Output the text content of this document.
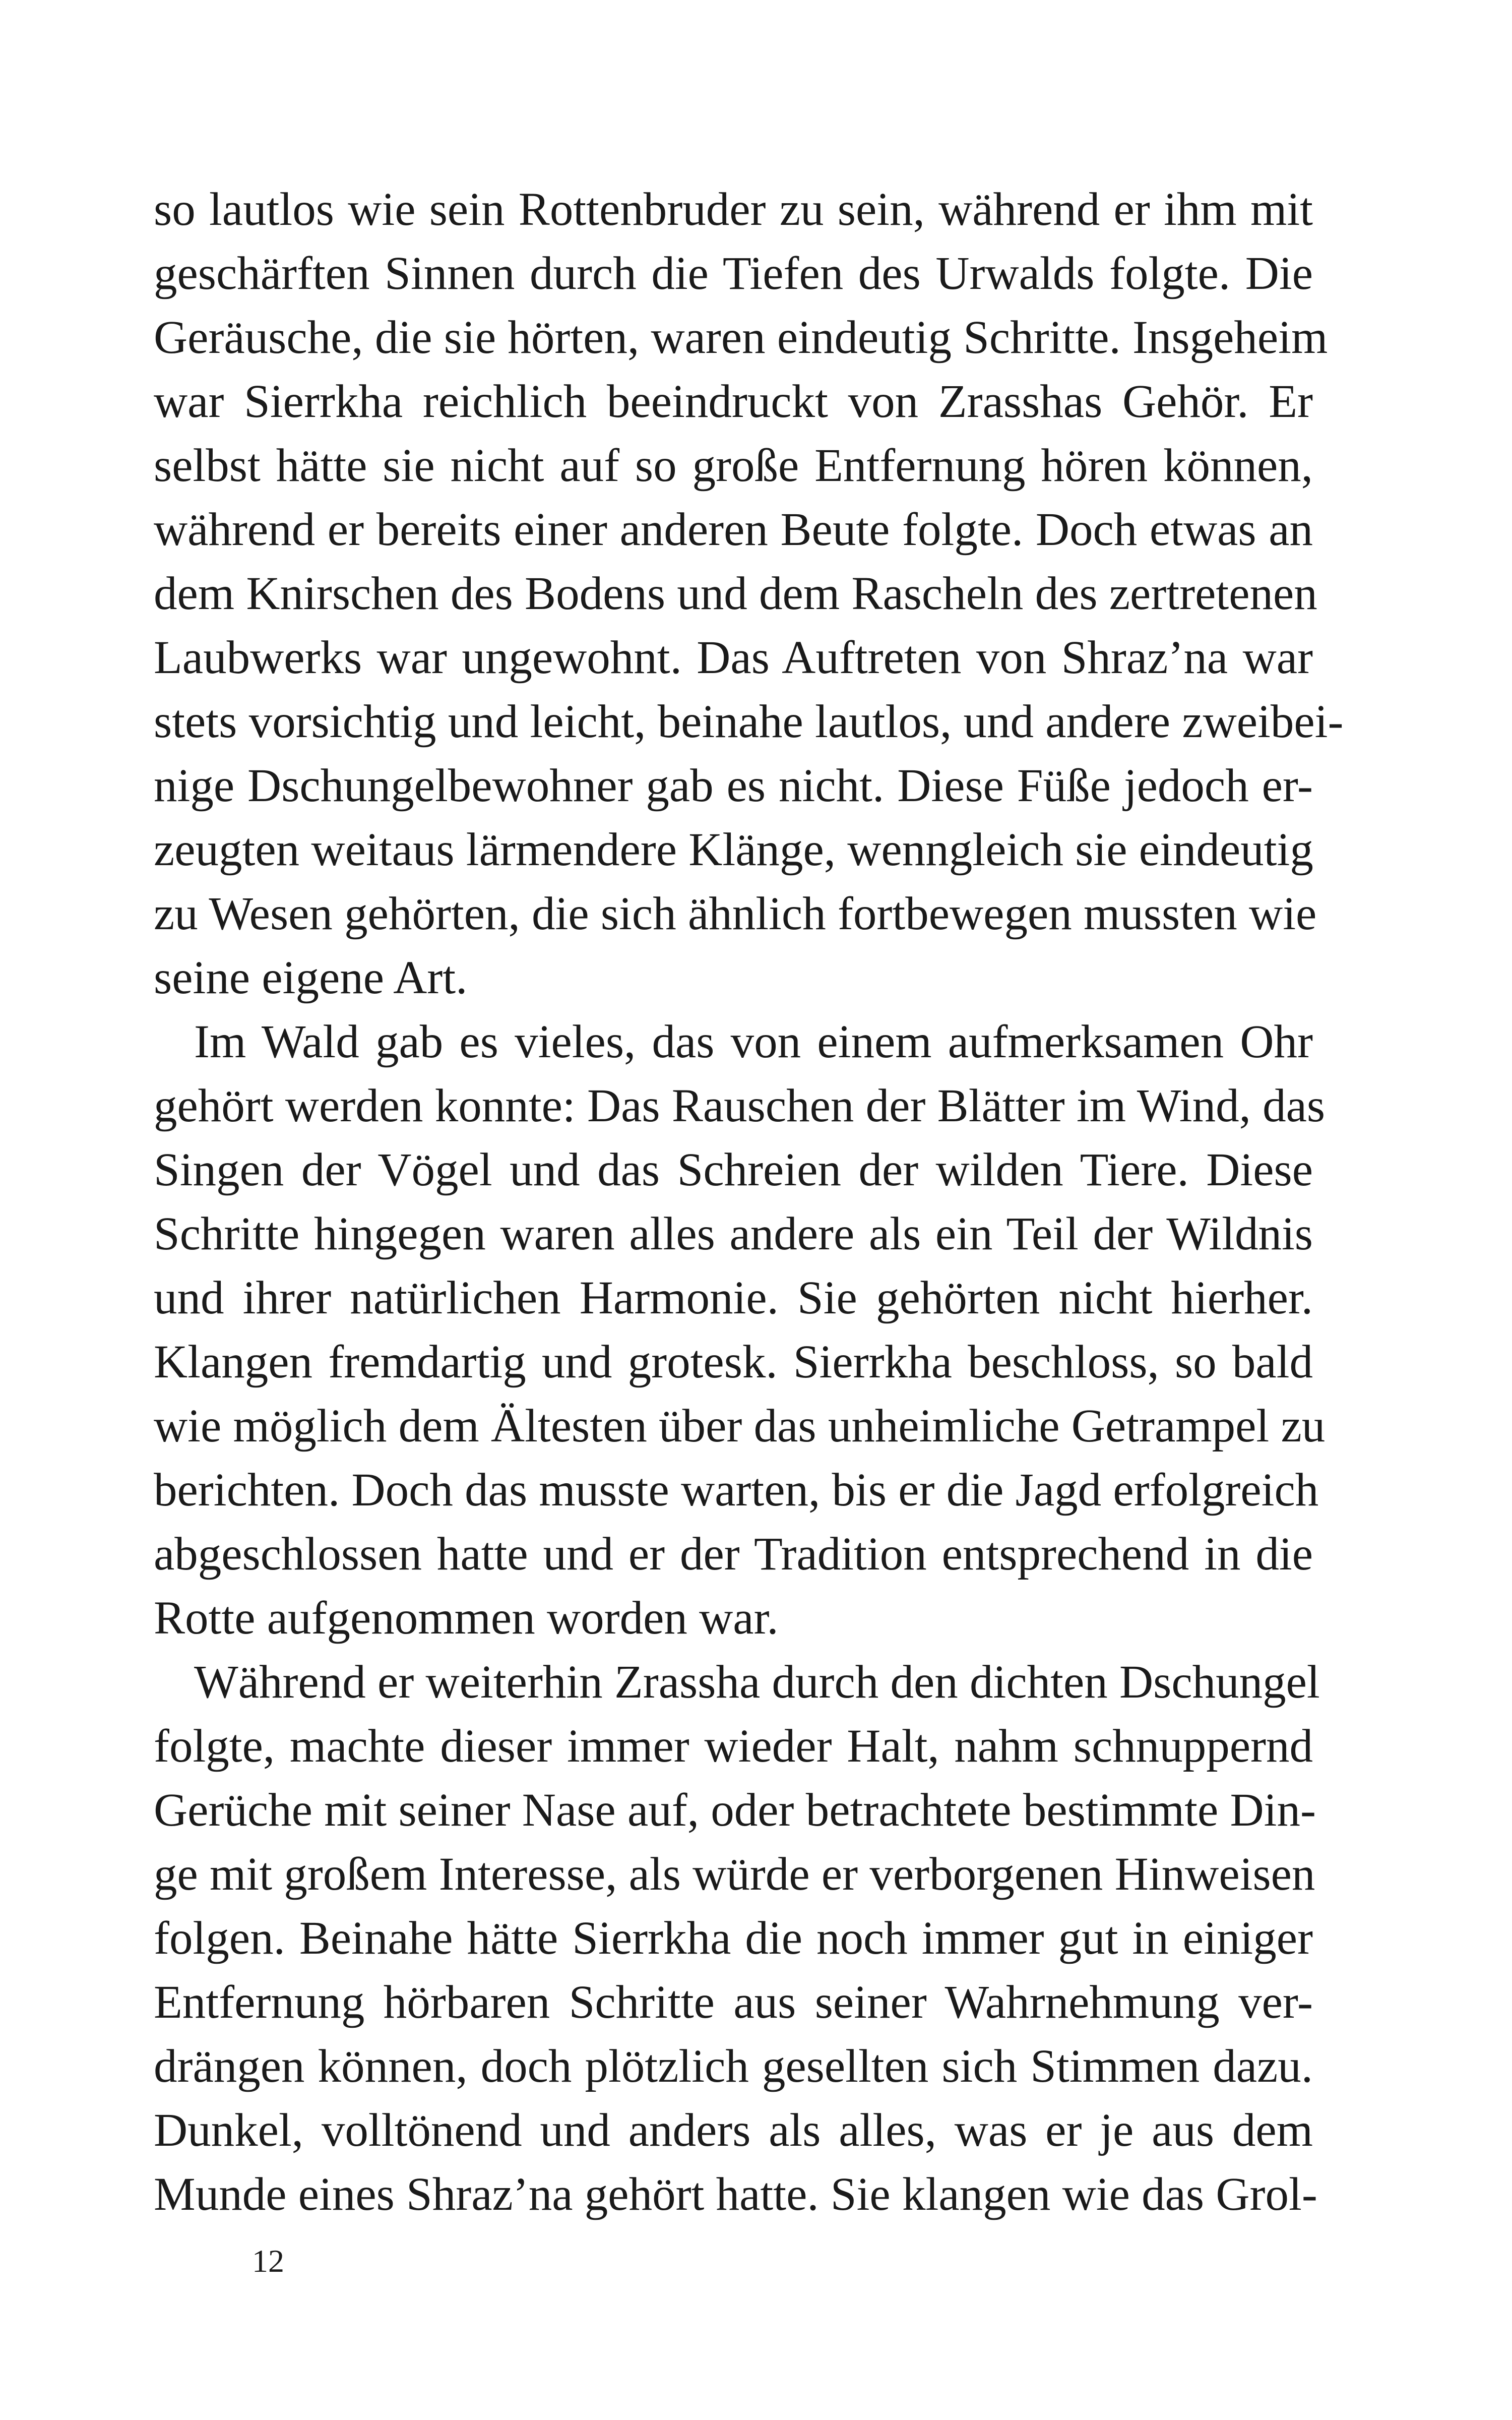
so lautlos wie sein Rottenbruder zu sein, während er ihm mit
geschärften Sinnen durch die Tiefen des Urwalds folgte. Die
Geräusche, die sie hörten, waren eindeutig Schritte. Insgeheim
war Sierrkha reichlich beeindruckt von Zrasshas Gehör. Er
selbst hätte sie nicht auf so große Entfernung hören können,
während er bereits einer anderen Beute folgte. Doch etwas an
dem Knirschen des Bodens und dem Rascheln des zertretenen
Laubwerks war ungewohnt. Das Auftreten von Shraz’na war
stets vorsichtig und leicht, beinahe lautlos, und andere zweibei-
nige Dschungelbewohner gab es nicht. Diese Füße jedoch er-
zeugten weitaus lärmendere Klänge, wenngleich sie eindeutig
zu Wesen gehörten, die sich ähnlich fortbewegen mussten wie
seine eigene Art.
Im Wald gab es vieles, das von einem aufmerksamen Ohr
gehört werden konnte: Das Rauschen der Blätter im Wind, das
Singen der Vögel und das Schreien der wilden Tiere. Diese
Schritte hingegen waren alles andere als ein Teil der Wildnis
und ihrer natürlichen Harmonie. Sie gehörten nicht hierher.
Klangen fremdartig und grotesk. Sierrkha beschloss, so bald
wie möglich dem Ältesten über das unheimliche Getrampel zu
berichten. Doch das musste warten, bis er die Jagd erfolgreich
abgeschlossen hatte und er der Tradition entsprechend in die
Rotte aufgenommen worden war.
Während er weiterhin Zrassha durch den dichten Dschungel
folgte, machte dieser immer wieder Halt, nahm schnuppernd
Gerüche mit seiner Nase auf, oder betrachtete bestimmte Din-
ge mit großem Interesse, als würde er verborgenen Hinweisen
folgen. Beinahe hätte Sierrkha die noch immer gut in einiger
Entfernung hörbaren Schritte aus seiner Wahrnehmung ver-
drängen können, doch plötzlich gesellten sich Stimmen dazu.
Dunkel, volltönend und anders als alles, was er je aus dem
Munde eines Shraz’na gehört hatte. Sie klangen wie das Grol-
12
